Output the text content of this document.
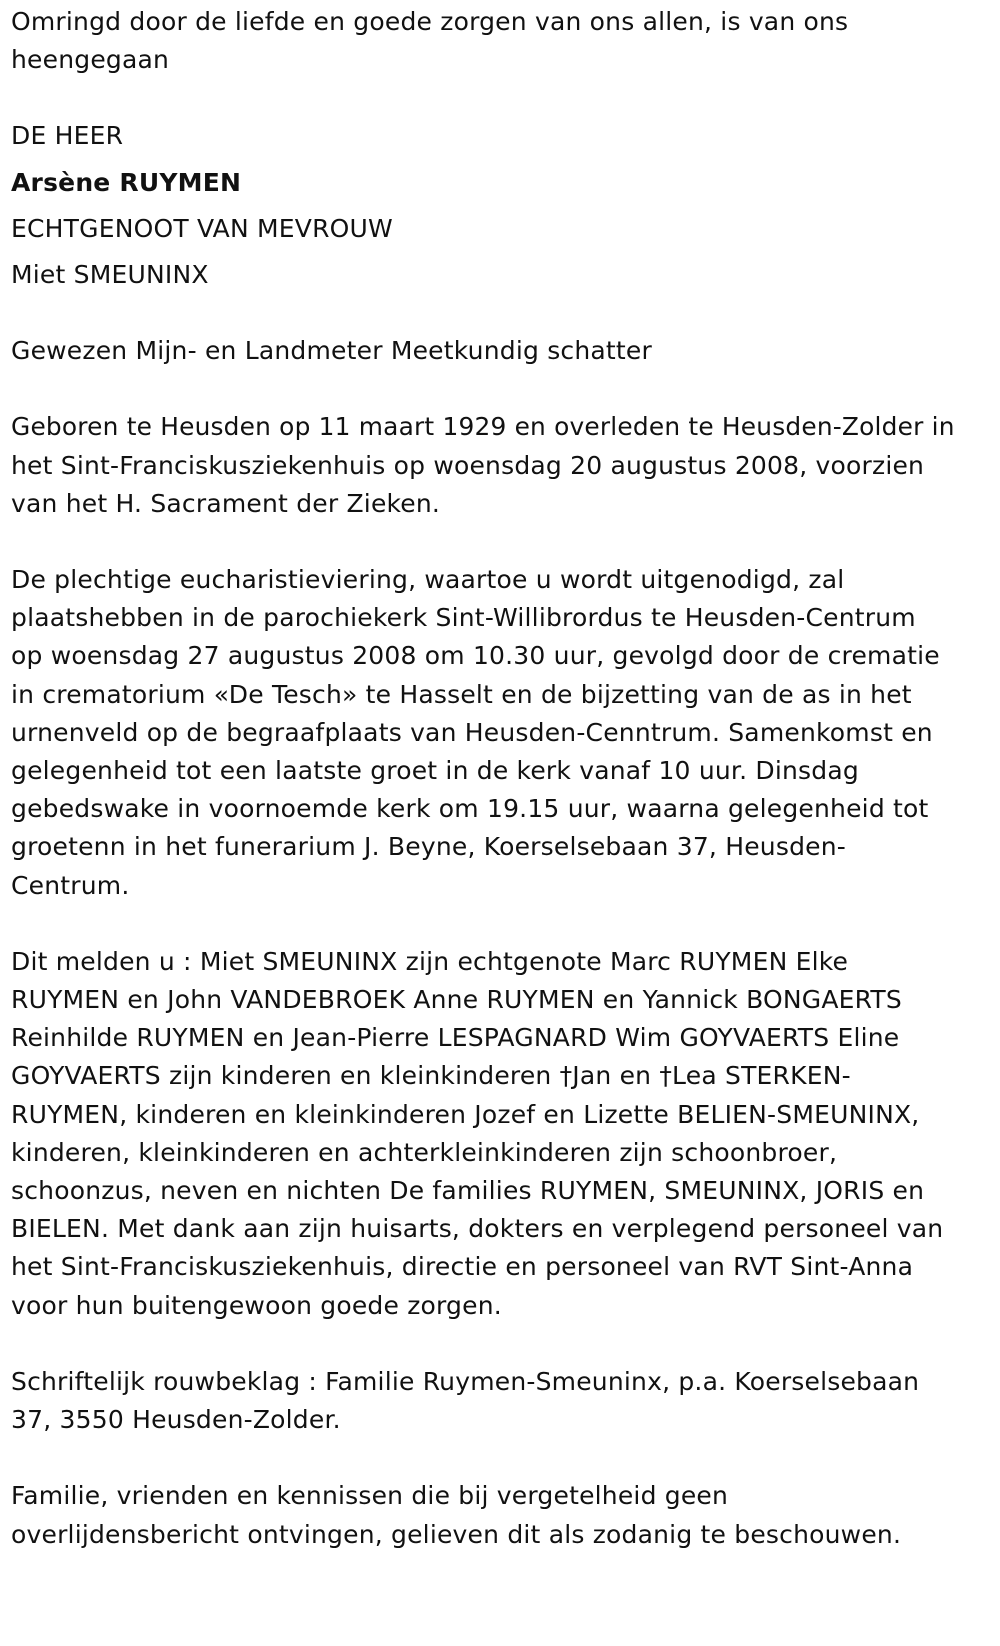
Omringd door de liefde en goede zorgen van ons allen, is van ons

heengegaan

DE HEER

Arsène RUYMEN

ECHTGENOOT VAN MEVROUW

Miet SMEUNINX

Gewezen Mijn- en Landmeter Meetkundig schatter

Geboren te Heusden op 11 maart 1929 en overleden te Heusden-Zolder in

het Sint-Franciskusziekenhuis op woensdag 20 augustus 2008, voorzien

van het H. Sacrament der Zieken.

De plechtige eucharistieviering, waartoe u wordt uitgenodigd, zal

plaatshebben in de parochiekerk Sint-Willibrordus te Heusden-Centrum

op woensdag 27 augustus 2008 om 10.30 uur, gevolgd door de crematie

in crematorium «De Tesch» te Hasselt en de bijzetting van de as in het

urnenveld op de begraafplaats van Heusden-Cenntrum. Samenkomst en

gelegenheid tot een laatste groet in de kerk vanaf 10 uur. Dinsdag

gebedswake in voornoemde kerk om 19.15 uur, waarna gelegenheid tot

groetenn in het funerarium J. Beyne, Koerselsebaan 37, Heusden-

Centrum.

Dit melden u : Miet SMEUNINX zijn echtgenote Marc RUYMEN Elke

RUYMEN en John VANDEBROEK Anne RUYMEN en Yannick BONGAERTS

Reinhilde RUYMEN en Jean-Pierre LESPAGNARD Wim GOYVAERTS Eline

GOYVAERTS zijn kinderen en kleinkinderen †Jan en †Lea STERKEN-

RUYMEN, kinderen en kleinkinderen Jozef en Lizette BELIEN-SMEUNINX,

kinderen, kleinkinderen en achterkleinkinderen zijn schoonbroer,

schoonzus, neven en nichten De families RUYMEN, SMEUNINX, JORIS en

BIELEN. Met dank aan zijn huisarts, dokters en verplegend personeel van

het Sint-Franciskusziekenhuis, directie en personeel van RVT Sint-Anna

voor hun buitengewoon goede zorgen.

Schriftelijk rouwbeklag : Familie Ruymen-Smeuninx, p.a. Koerselsebaan

37, 3550 Heusden-Zolder.

Familie, vrienden en kennissen die bij vergetelheid geen

overlijdensbericht ontvingen, gelieven dit als zodanig te beschouwen.
